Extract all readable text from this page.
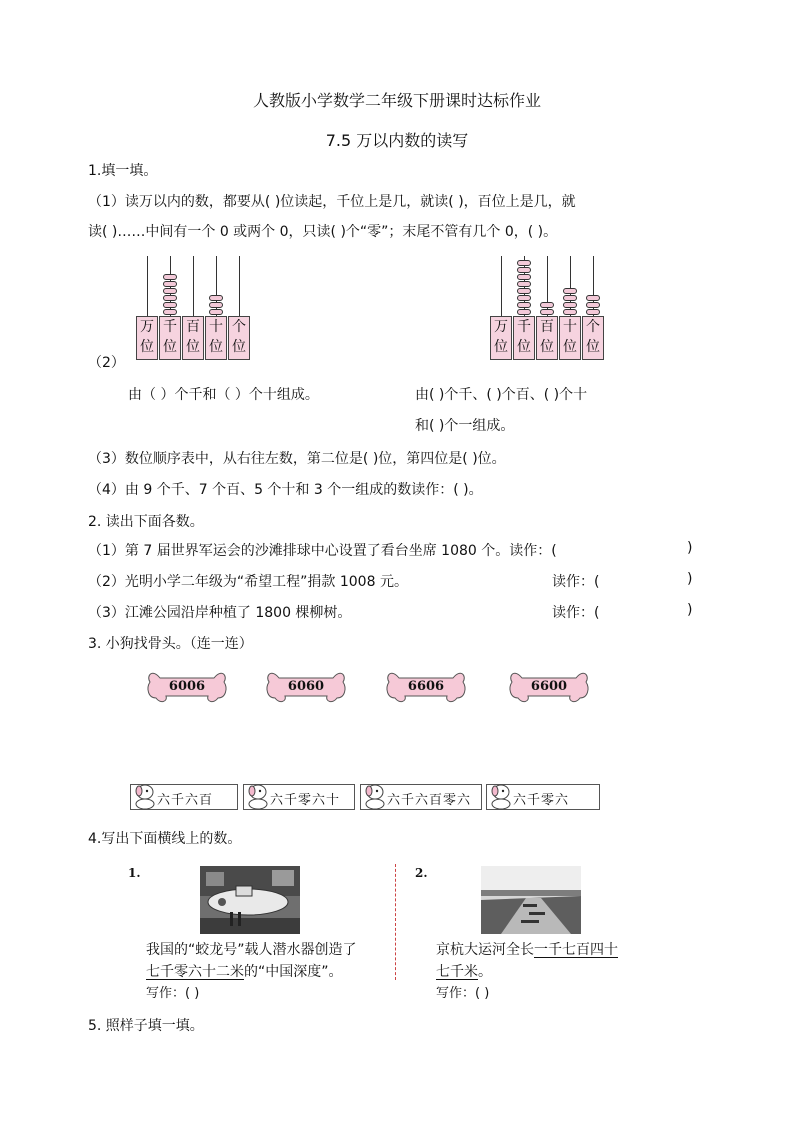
人教版小学数学二年级下册课时达标作业
7.5 万以内数的读写
1.填一填。
（1）读万以内的数，都要从( )位读起，千位上是几，就读( )，百位上是几，就
读( )……中间有一个 0 或两个 0，只读( )个“零”；末尾不管有几个 0，( )。
万
位
千
位
百
位
十
位
个
位
万
位
千
位
百
位
十
位
个
位
（2）
由（ ）个千和（ ）个十组成。	由( )个千、( )个百、( )个十
和( )个一组成。
（3）数位顺序表中，从右往左数，第二位是( )位，第四位是( )位。
（4）由 9 个千、7 个百、5 个十和 3 个一组成的数读作：( )。
2. 读出下面各数。
（1）第 7 届世界军运会的沙滩排球中心设置了看台坐席 1080 个。读作：(	)
（2）光明小学二年级为“希望工程”捐款 1008 元。	读作：(	)
（3）江滩公园沿岸种植了 1800 棵柳树。	读作：(	)
3. 小狗找骨头。（连一连）
6006	6060	6606	6600
六千六百	六千零六十	六千六百零六	六千零六
4.写出下面横线上的数。
1.
我国的“蛟龙号”载人潜水器创造了
七千零六十二米的“中国深度”。
写作：( )
2.
京杭大运河全长一千七百四十
七千米。
写作：( )
5. 照样子填一填。
